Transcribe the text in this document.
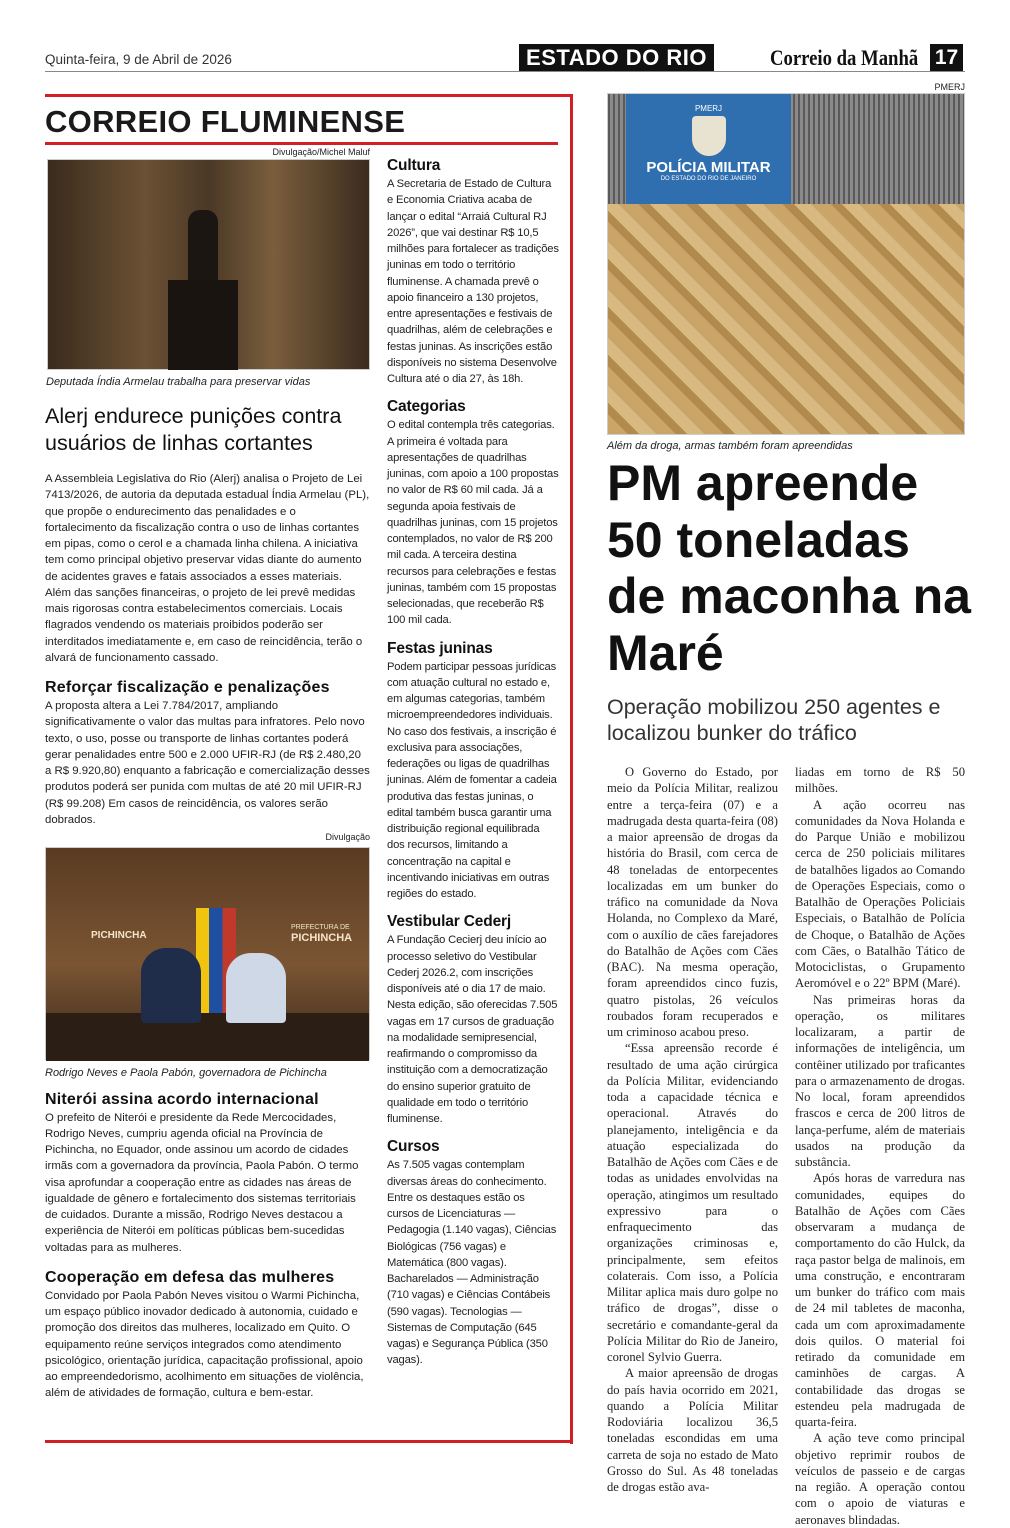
Quinta-feira, 9 de Abril de 2026	ESTADO DO RIO	Correio da Manhã 17
CORREIO FLUMINENSE
Divulgação/Michel Maluf
Deputada Índia Armelau trabalha para preservar vidas
Alerj endurece punições contra usuários de linhas cortantes

A Assembleia Legislativa do Rio (Alerj) analisa o Projeto de Lei 7413/2026, de autoria da deputada estadual Índia Armelau (PL), que propõe o endurecimento das penalidades e o fortalecimento da fiscalização contra o uso de linhas cortantes em pipas, como o cerol e a chamada linha chilena. A iniciativa tem como principal objetivo preservar vidas diante do aumento de acidentes graves e fatais associados a esses materiais. Além das sanções financeiras, o projeto de lei prevê medidas mais rigorosas contra estabelecimentos comerciais. Locais flagrados vendendo os materiais proibidos poderão ser interditados imediatamente e, em caso de reincidência, terão o alvará de funcionamento cassado.

Reforçar fiscalização e penalizações

A proposta altera a Lei 7.784/2017, ampliando significativamente o valor das multas para infratores. Pelo novo texto, o uso, posse ou transporte de linhas cortantes poderá gerar penalidades entre 500 e 2.000 UFIR-RJ (de R$ 2.480,20 a R$ 9.920,80) enquanto a fabricação e comercialização desses produtos poderá ser punida com multas de até 20 mil UFIR-RJ (R$ 99.208) Em casos de reincidência, os valores serão dobrados.

Divulgação
PICHINCHA
PREFECTURA DE
PICHINCHA
Rodrigo Neves e Paola Pabón, governadora de Pichincha
Niterói assina acordo internacional

O prefeito de Niterói e presidente da Rede Mercocidades, Rodrigo Neves, cumpriu agenda oficial na Província de Pichincha, no Equador, onde assinou um acordo de cidades irmãs com a governadora da província, Paola Pabón. O termo visa aprofundar a cooperação entre as cidades nas áreas de igualdade de gênero e fortalecimento dos sistemas territoriais de cuidados. Durante a missão, Rodrigo Neves destacou a experiência de Niterói em políticas públicas bem-sucedidas voltadas para as mulheres.

Cooperação em defesa das mulheres

Convidado por Paola Pabón Neves visitou o Warmi Pichincha, um espaço público inovador dedicado à autonomia, cuidado e promoção dos direitos das mulheres, localizado em Quito. O equipamento reúne serviços integrados como atendimento psicológico, orientação jurídica, capacitação profissional, apoio ao empreendedorismo, acolhimento em situações de violência, além de atividades de formação, cultura e bem-estar.

Cultura

A Secretaria de Estado de Cultura e Economia Criativa acaba de lançar o edital “Arraiá Cultural RJ 2026”, que vai destinar R$ 10,5 milhões para fortalecer as tradições juninas em todo o território fluminense. A chamada prevê o apoio financeiro a 130 projetos, entre apresentações e festivais de quadrilhas, além de celebrações e festas juninas. As inscrições estão disponíveis no sistema Desenvolve Cultura até o dia 27, às 18h.

Categorias

O edital contempla três categorias. A primeira é voltada para apresentações de quadrilhas juninas, com apoio a 100 propostas no valor de R$ 60 mil cada. Já a segunda apoia festivais de quadrilhas juninas, com 15 projetos contemplados, no valor de R$ 200 mil cada. A terceira destina recursos para celebrações e festas juninas, também com 15 propostas selecionadas, que receberão R$ 100 mil cada.

Festas juninas

Podem participar pessoas jurídicas com atuação cultural no estado e, em algumas categorias, também microempreendedores individuais. No caso dos festivais, a inscrição é exclusiva para associações, federações ou ligas de quadrilhas juninas. Além de fomentar a cadeia produtiva das festas juninas, o edital também busca garantir uma distribuição regional equilibrada dos recursos, limitando a concentração na capital e incentivando iniciativas em outras regiões do estado.

Vestibular Cederj

A Fundação Cecierj deu início ao processo seletivo do Vestibular Cederj 2026.2, com inscrições disponíveis até o dia 17 de maio. Nesta edição, são oferecidas 7.505 vagas em 17 cursos de graduação na modalidade semipresencial, reafirmando o compromisso da instituição com a democratização do ensino superior gratuito de qualidade em todo o território fluminense.

Cursos

As 7.505 vagas contemplam diversas áreas do conhecimento. Entre os destaques estão os cursos de Licenciaturas — Pedagogia (1.140 vagas), Ciências Biológicas (756 vagas) e Matemática (800 vagas). Bacharelados — Administração (710 vagas) e Ciências Contábeis (590 vagas). Tecnologias — Sistemas de Computação (645 vagas) e Segurança Pública (350 vagas).

PMERJ
PMERJ
POLÍCIA MILITAR
DO ESTADO DO RIO DE JANEIRO
Além da droga, armas também foram apreendidas
PM apreende 50 toneladas de maconha na Maré
Operação mobilizou 250 agentes e localizou bunker do tráfico

O Governo do Estado, por meio da Polícia Militar, realizou entre a terça-feira (07) e a madrugada desta quarta-feira (08) a maior apreensão de drogas da história do Brasil, com cerca de 48 toneladas de entorpecentes localizadas em um bunker do tráfico na comunidade da Nova Holanda, no Complexo da Maré, com o auxílio de cães farejadores do Batalhão de Ações com Cães (BAC). Na mesma operação, foram apreendidos cinco fuzis, quatro pistolas, 26 veículos roubados foram recuperados e um criminoso acabou preso.

“Essa apreensão recorde é resultado de uma ação cirúrgica da Polícia Militar, evidenciando toda a capacidade técnica e operacional. Através do planejamento, inteligência e da atuação especializada do Batalhão de Ações com Cães e de todas as unidades envolvidas na operação, atingimos um resultado expressivo para o enfraquecimento das organizações criminosas e, principalmente, sem efeitos colaterais. Com isso, a Polícia Militar aplica mais duro golpe no tráfico de drogas”, disse o secretário e comandante-geral da Polícia Militar do Rio de Janeiro, coronel Sylvio Guerra.

A maior apreensão de drogas do país havia ocorrido em 2021, quando a Polícia Militar Rodoviária localizou 36,5 toneladas escondidas em uma carreta de soja no estado de Mato Grosso do Sul. As 48 toneladas de drogas estão ava-

liadas em torno de R$ 50 milhões.

A ação ocorreu nas comunidades da Nova Holanda e do Parque União e mobilizou cerca de 250 policiais militares de batalhões ligados ao Comando de Operações Especiais, como o Batalhão de Operações Policiais Especiais, o Batalhão de Polícia de Choque, o Batalhão de Ações com Cães, o Batalhão Tático de Motociclistas, o Grupamento Aeromóvel e o 22º BPM (Maré).

Nas primeiras horas da operação, os militares localizaram, a partir de informações de inteligência, um contêiner utilizado por traficantes para o armazenamento de drogas. No local, foram apreendidos frascos e cerca de 200 litros de lança-perfume, além de materiais usados na produção da substância.

Após horas de varredura nas comunidades, equipes do Batalhão de Ações com Cães observaram a mudança de comportamento do cão Hulck, da raça pastor belga de malinois, em uma construção, e encontraram um bunker do tráfico com mais de 24 mil tabletes de maconha, cada um com aproximadamente dois quilos. O material foi retirado da comunidade em caminhões de cargas. A contabilidade das drogas se estendeu pela madrugada de quarta-feira.

A ação teve como principal objetivo reprimir roubos de veículos de passeio e de cargas na região. A operação contou com o apoio de viaturas e aeronaves blindadas.
